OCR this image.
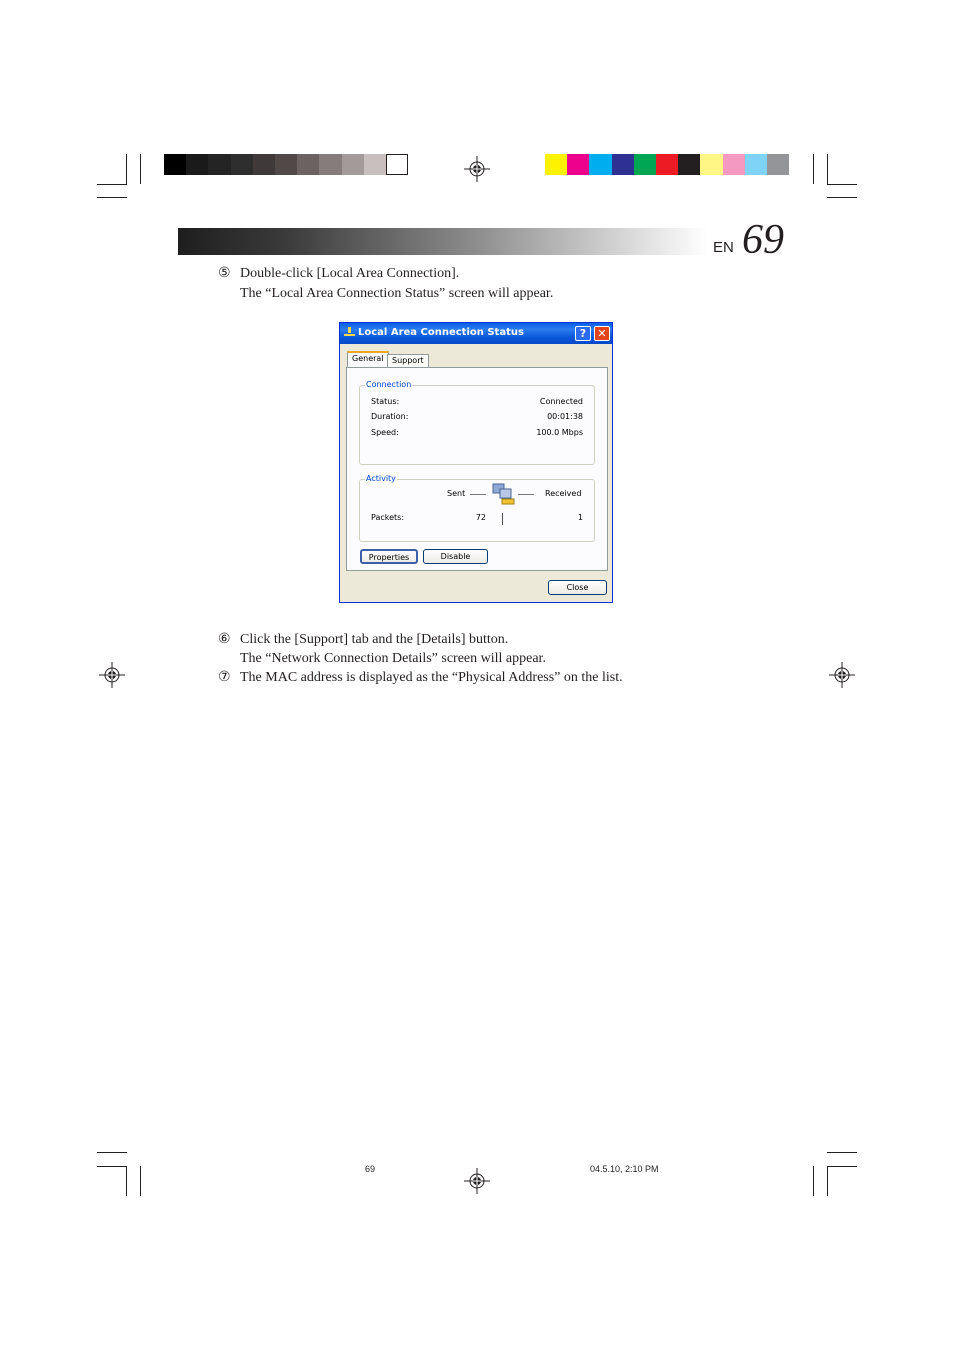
EN 69
⑤ Double-click [Local Area Connection].
The “Local Area Connection Status” screen will appear.
Local Area Connection Status	?	✕
General	Support
Connection
Status:	Connected
Duration:	00:01:38
Speed:	100.0 Mbps
Activity
Sent	Received
Packets:	72	1
Properties	Disable
Close
⑥ Click the [Support] tab and the [Details] button.
The “Network Connection Details” screen will appear.
⑦ The MAC address is displayed as the “Physical Address” on the list.
69	04.5.10, 2:10 PM
